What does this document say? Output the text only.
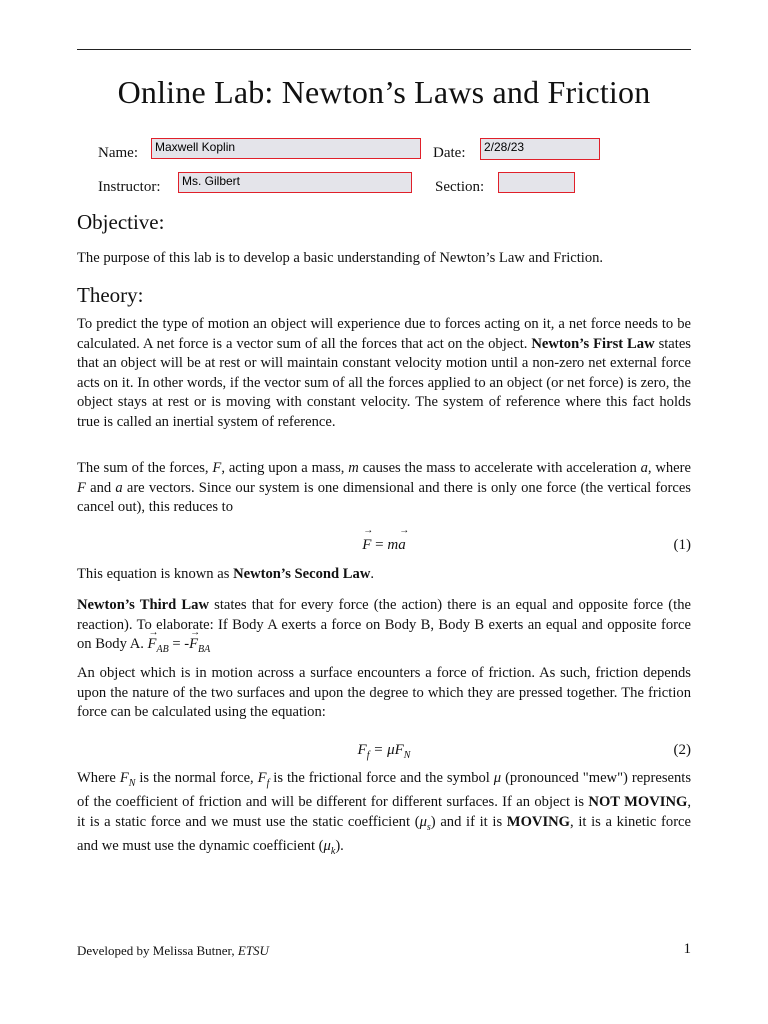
Online Lab: Newton’s Laws and Friction
Name:	Maxwell Koplin	Date:	2/28/23
Instructor:	Ms. Gilbert	Section:
Objective:

The purpose of this lab is to develop a basic understanding of Newton’s Law and Friction.

Theory:

To predict the type of motion an object will experience due to forces acting on it, a net force needs to be calculated. A net force is a vector sum of all the forces that act on the object. Newton’s First Law states that an object will be at rest or will maintain constant velocity motion until a non-zero net external force acts on it. In other words, if the vector sum of all the forces applied to an object (or net force) is zero, the object stays at rest or is moving with constant velocity. The system of reference where this fact holds true is called an inertial system of reference.

The sum of the forces, F, acting upon a mass, m causes the mass to accelerate with acceleration a, where F and a are vectors. Since our system is one dimensional and there is only one force (the vertical forces cancel out), this reduces to

→ F = m→ a	(1)

This equation is known as Newton’s Second Law.

Newton’s Third Law states that for every force (the action) there is an equal and opposite force (the reaction). To elaborate: If Body A exerts a force on Body B, Body B exerts an equal and opposite force on Body A. → $F_{AB}$ = -→ $F_{BA}$

An object which is in motion across a surface encounters a force of friction. As such, friction depends upon the nature of the two surfaces and upon the degree to which they are pressed together. The friction force can be calculated using the equation:

$F_f = \mu F_N$	(2)

Where $F_N$ is the normal force, $F_f$ is the frictional force and the symbol μ (pronounced "mew") represents of the coefficient of friction and will be different for different surfaces. If an object is NOT MOVING, it is a static force and we must use the static coefficient $(\mu_s)$ and if it is MOVING, it is a kinetic force and we must use the dynamic coefficient $(\mu_k)$.

Developed by Melissa Butner, ETSU	1
